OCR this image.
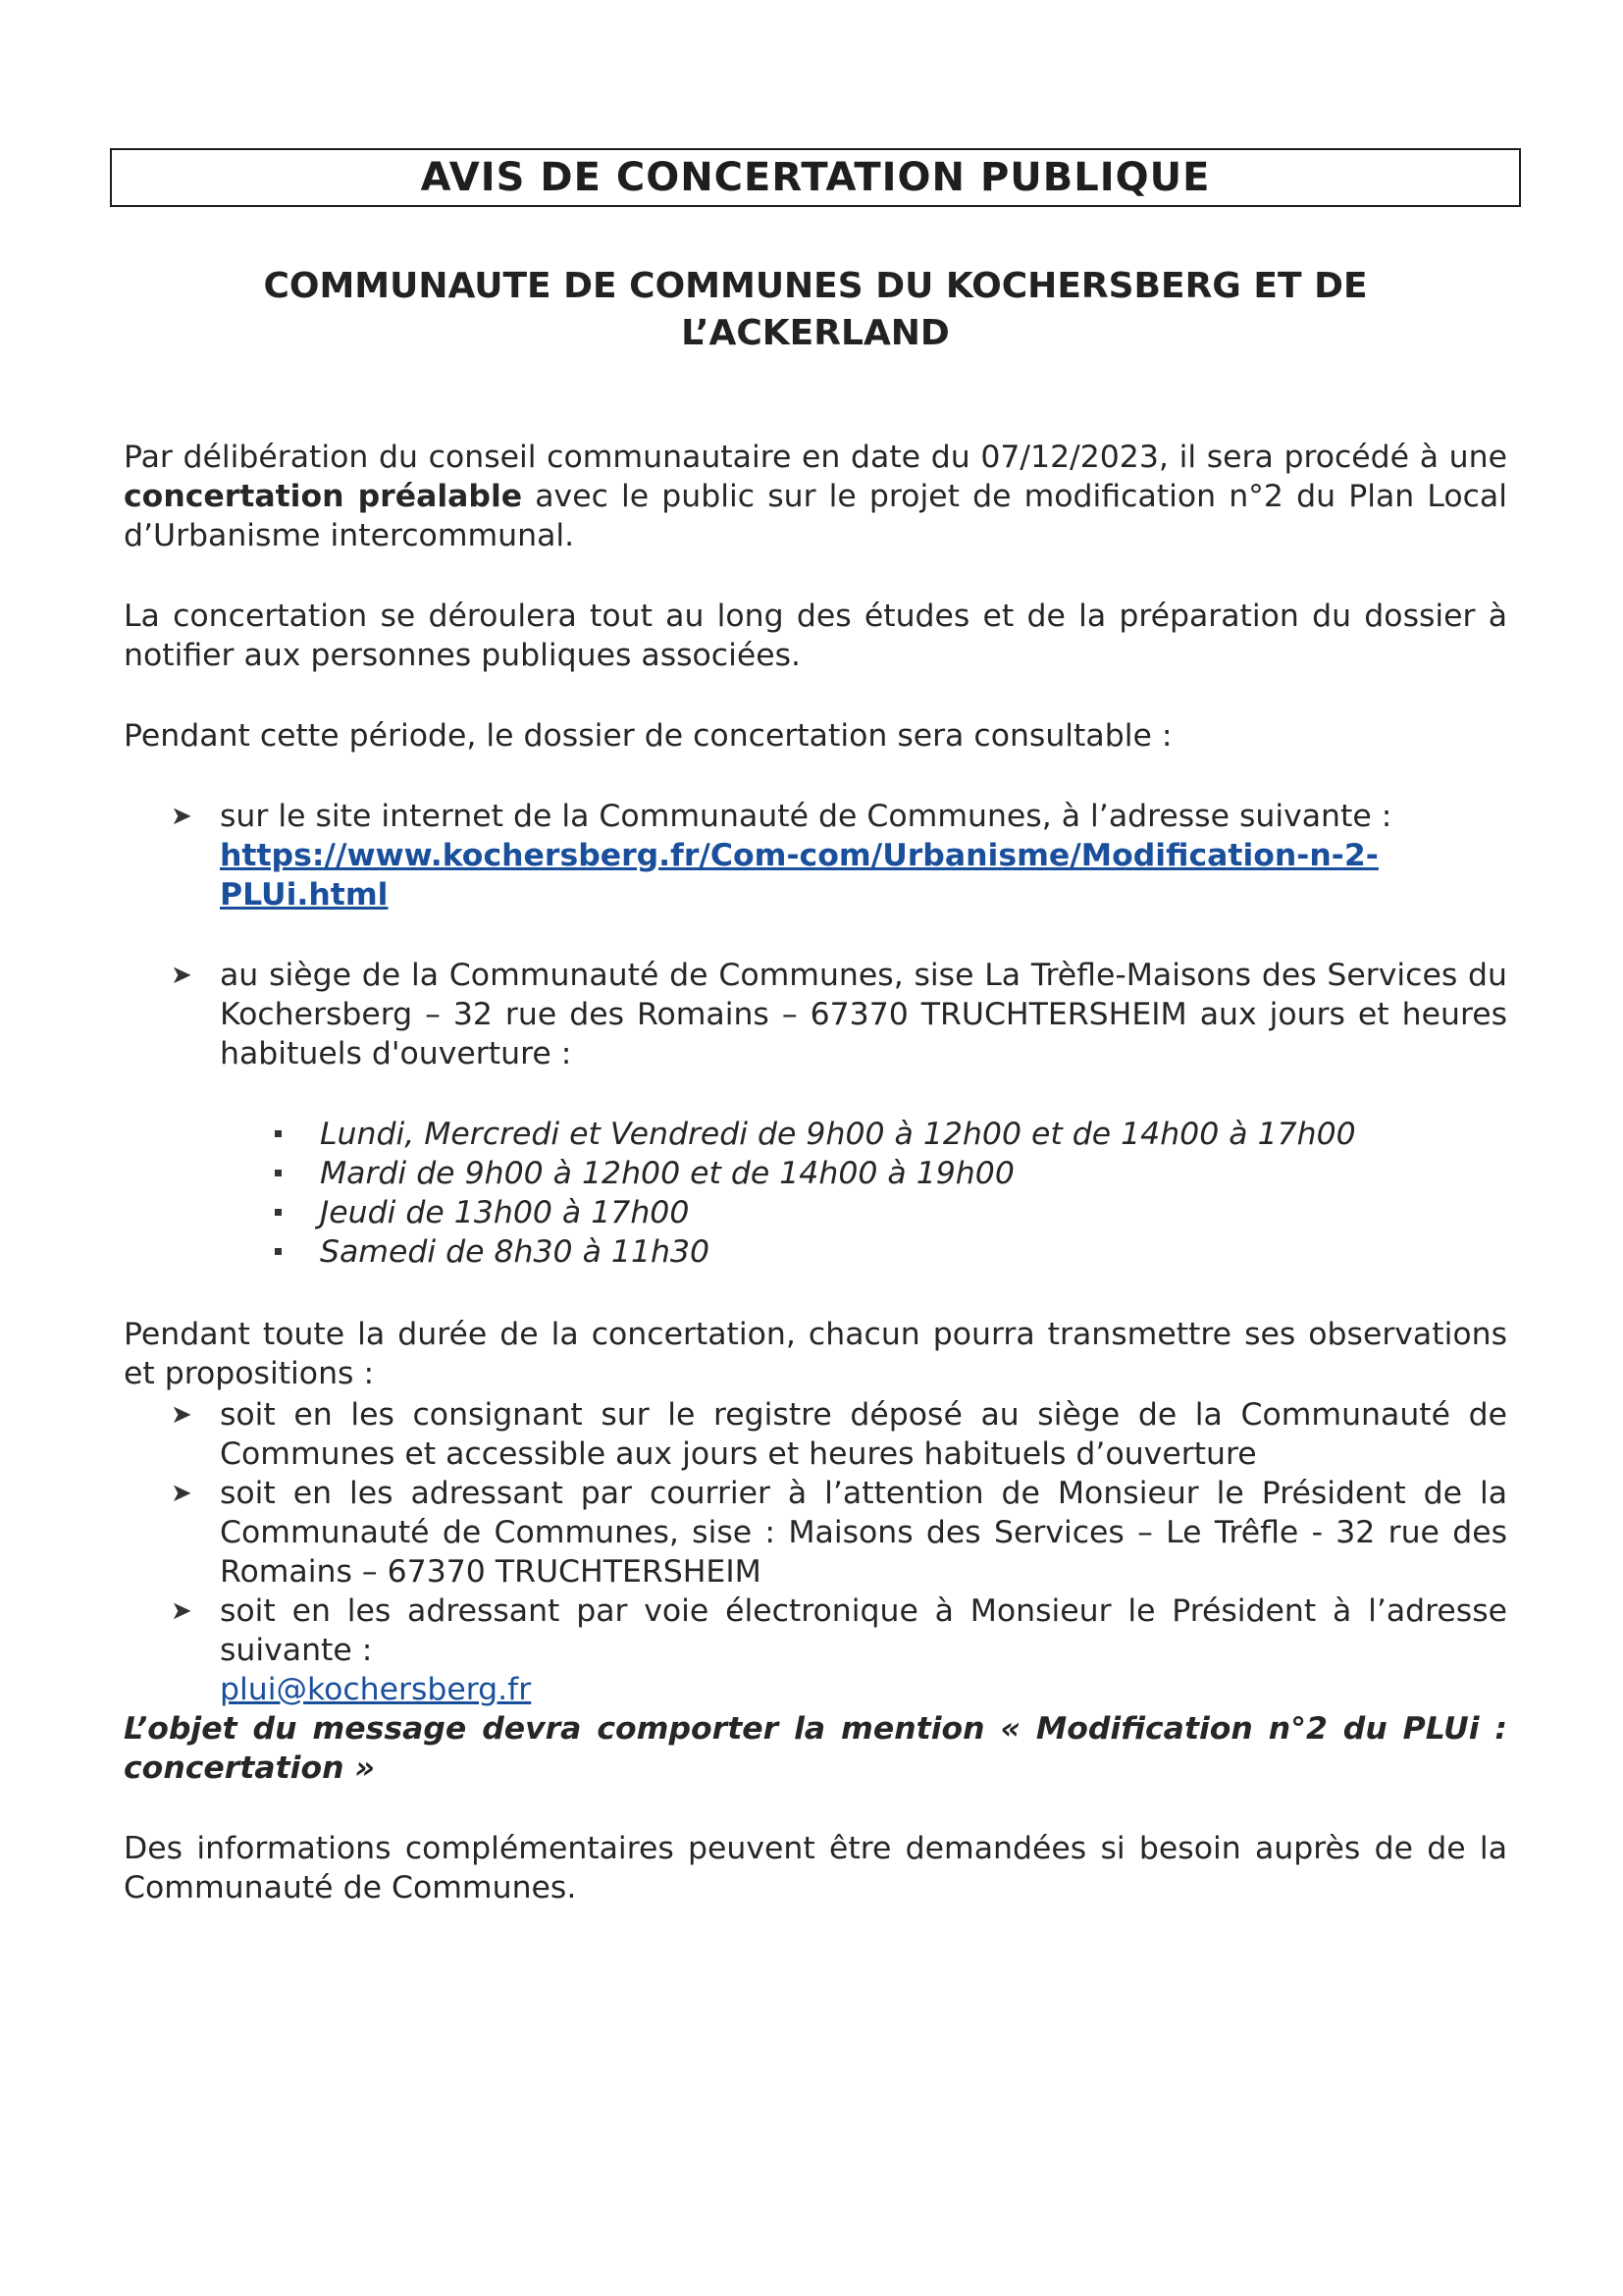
AVIS DE CONCERTATION PUBLIQUE
COMMUNAUTE DE COMMUNES DU KOCHERSBERG ET DE
L’ACKERLAND
Par délibération du conseil communautaire en date du 07/12/2023, il sera procédé à une concertation préalable avec le public sur le projet de modification n°2 du Plan Local d’Urbanisme intercommunal.
La concertation se déroulera tout au long des études et de la préparation du dossier à notifier aux personnes publiques associées.
Pendant cette période, le dossier de concertation sera consultable :
➤ sur le site internet de la Communauté de Communes, à l’adresse suivante :
https://www.kochersberg.fr/Com-com/Urbanisme/Modification-n-2-
PLUi.html
➤ au siège de la Communauté de Communes, sise La Trèfle-Maisons des Services du Kochersberg – 32 rue des Romains – 67370 TRUCHTERSHEIM aux jours et heures habituels d'ouverture :
Lundi, Mercredi et Vendredi de 9h00 à 12h00 et de 14h00 à 17h00
Mardi de 9h00 à 12h00 et de 14h00 à 19h00
Jeudi de 13h00 à 17h00
Samedi de 8h30 à 11h30
Pendant toute la durée de la concertation, chacun pourra transmettre ses observations et propositions :
➤ soit en les consignant sur le registre déposé au siège de la Communauté de Communes et accessible aux jours et heures habituels d’ouverture
➤ soit en les adressant par courrier à l’attention de Monsieur le Président de la Communauté de Communes, sise : Maisons des Services – Le Trêfle - 32 rue des Romains – 67370 TRUCHTERSHEIM
➤ soit en les adressant par voie électronique à Monsieur le Président à l’adresse suivante :
plui@kochersberg.fr
L’objet du message devra comporter la mention « Modification n°2 du PLUi : concertation »
Des informations complémentaires peuvent être demandées si besoin auprès de de la Communauté de Communes.
